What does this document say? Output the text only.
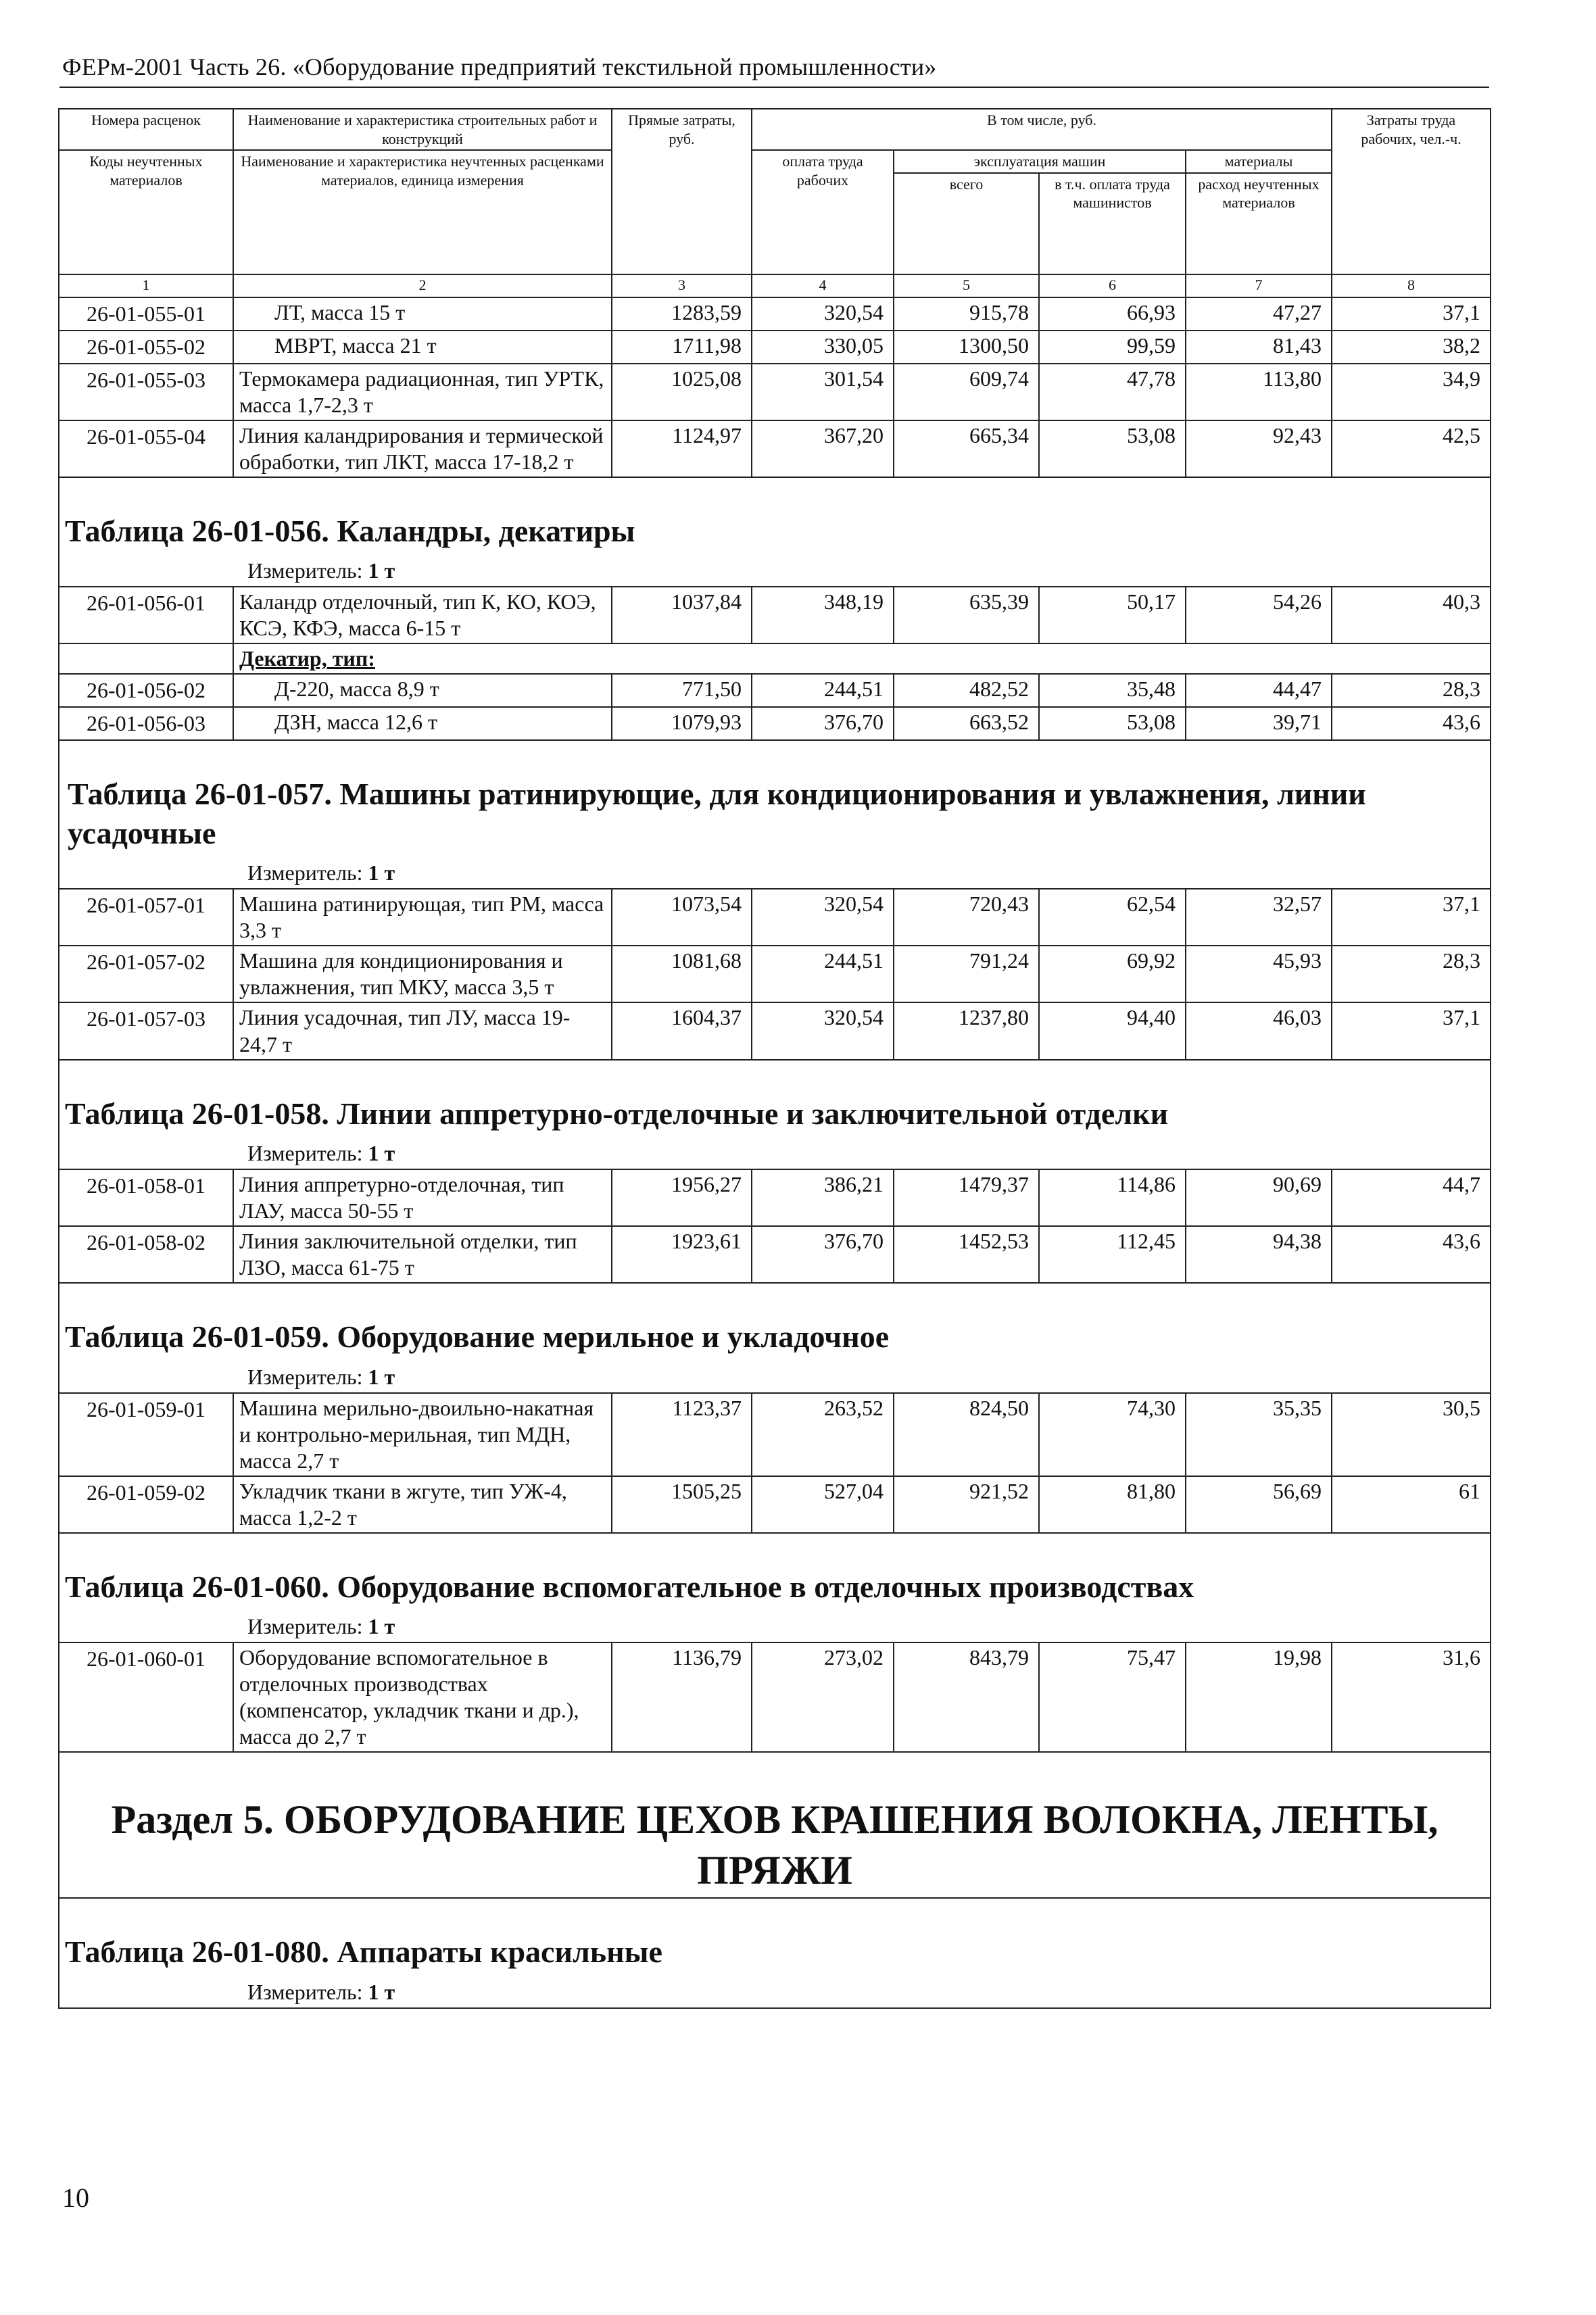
ФЕРм-2001 Часть 26. «Оборудование предприятий текстильной промышленности»
Номера расценок	Наименование и характеристика строительных работ и конструкций	Прямые затраты, руб.	В том числе, руб.				Затраты труда рабочих, чел.-ч.
Коды неучтенных материалов	Наименование и характеристика неучтенных расценками материалов, единица измерения		оплата труда рабочих	эксплуатация машин		материалы	
				всего	в т.ч. оплата труда машинистов	расход неучтенных материалов	
1	2	3	4	5	6	7	8
26-01-055-01	ЛТ, масса 15 т	1283,59	320,54	915,78	66,93	47,27	37,1
26-01-055-02	МВРТ, масса 21 т	1711,98	330,05	1300,50	99,59	81,43	38,2
26-01-055-03	Термокамера радиационная, тип УРТК, масса 1,7-2,3 т	1025,08	301,54	609,74	47,78	113,80	34,9
26-01-055-04	Линия каландрирования и термической обработки, тип ЛКТ, масса 17-18,2 т	1124,97	367,20	665,34	53,08	92,43	42,5

Таблица 26-01-056. Каландры, декатиры
Измеритель: 1 т							

26-01-056-01	Каландр отделочный, тип К, КО, КОЭ, КСЭ, КФЭ, масса 6-15 т	1037,84	348,19	635,39	50,17	54,26	40,3
	Декатир, тип:						
26-01-056-02	Д-220, масса 8,9 т	771,50	244,51	482,52	35,48	44,47	28,3
26-01-056-03	ДЗН, масса 12,6 т	1079,93	376,70	663,52	53,08	39,71	43,6

Таблица 26-01-057. Машины ратинирующие, для кондиционирования и увлажнения, линии усадочные
Измеритель: 1 т							

26-01-057-01	Машина ратинирующая, тип РМ, масса 3,3 т	1073,54	320,54	720,43	62,54	32,57	37,1
26-01-057-02	Машина для кондиционирования и увлажнения, тип МКУ, масса 3,5 т	1081,68	244,51	791,24	69,92	45,93	28,3
26-01-057-03	Линия усадочная, тип ЛУ, масса 19-24,7 т	1604,37	320,54	1237,80	94,40	46,03	37,1

Таблица 26-01-058. Линии аппретурно-отделочные и заключительной отделки
Измеритель: 1 т							

26-01-058-01	Линия аппретурно-отделочная, тип ЛАУ, масса 50-55 т	1956,27	386,21	1479,37	114,86	90,69	44,7
26-01-058-02	Линия заключительной отделки, тип ЛЗО, масса 61-75 т	1923,61	376,70	1452,53	112,45	94,38	43,6

Таблица 26-01-059. Оборудование мерильное и укладочное
Измеритель: 1 т							

26-01-059-01	Машина мерильно-двоильно-накатная и контрольно-мерильная, тип МДН, масса 2,7 т	1123,37	263,52	824,50	74,30	35,35	30,5
26-01-059-02	Укладчик ткани в жгуте, тип УЖ-4, масса 1,2-2 т	1505,25	527,04	921,52	81,80	56,69	61

Таблица 26-01-060. Оборудование вспомогательное в отделочных производствах
Измеритель: 1 т							

26-01-060-01	Оборудование вспомогательное в отделочных производствах (компенсатор, укладчик ткани и др.), масса до 2,7 т	1136,79	273,02	843,79	75,47	19,98	31,6

Раздел 5. ОБОРУДОВАНИЕ ЦЕХОВ КРАШЕНИЯ ВОЛОКНА, ЛЕНТЫ, ПРЯЖИ							

Таблица 26-01-080. Аппараты красильные
Измеритель: 1 т							
10
